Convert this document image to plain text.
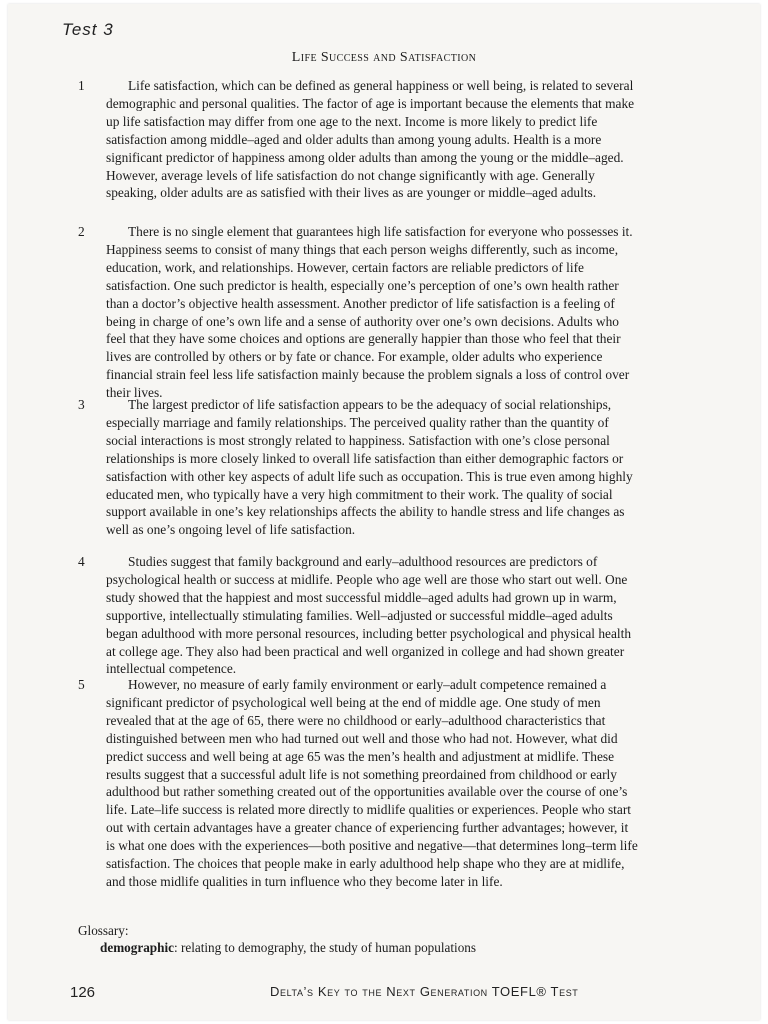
Test 3
Life Success and Satisfaction
1	Life satisfaction, which can be defined as general happiness or well being, is related to several demographic and personal qualities. The factor of age is important because the elements that make up life satisfaction may differ from one age to the next. Income is more likely to predict life satisfaction among middle–aged and older adults than among young adults. Health is a more significant predictor of happiness among older adults than among the young or the middle–aged. However, average levels of life satisfaction do not change significantly with age. Generally speaking, older adults are as satisfied with their lives as are younger or middle–aged adults.
2	There is no single element that guarantees high life satisfaction for everyone who possesses it. Happiness seems to consist of many things that each person weighs differently, such as income, education, work, and relationships. However, certain factors are reliable predictors of life satisfaction. One such predictor is health, especially one’s perception of one’s own health rather than a doctor’s objective health assessment. Another predictor of life satisfaction is a feeling of being in charge of one’s own life and a sense of authority over one’s own decisions. Adults who feel that they have some choices and options are generally happier than those who feel that their lives are controlled by others or by fate or chance. For example, older adults who experience financial strain feel less life satisfaction mainly because the problem signals a loss of control over their lives.
3	The largest predictor of life satisfaction appears to be the adequacy of social relationships, especially marriage and family relationships. The perceived quality rather than the quantity of social interactions is most strongly related to happiness. Satisfaction with one’s close personal relationships is more closely linked to overall life satisfaction than either demographic factors or satisfaction with other key aspects of adult life such as occupation. This is true even among highly educated men, who typically have a very high commitment to their work. The quality of social support available in one’s key relationships affects the ability to handle stress and life changes as well as one’s ongoing level of life satisfaction.
4	Studies suggest that family background and early–adulthood resources are predictors of psychological health or success at midlife. People who age well are those who start out well. One study showed that the happiest and most successful middle–aged adults had grown up in warm, supportive, intellectually stimulating families. Well–adjusted or successful middle–aged adults began adulthood with more personal resources, including better psychological and physical health at college age. They also had been practical and well organized in college and had shown greater intellectual competence.
5	However, no measure of early family environment or early–adult competence remained a significant predictor of psychological well being at the end of middle age. One study of men revealed that at the age of 65, there were no childhood or early–adulthood characteristics that distinguished between men who had turned out well and those who had not. However, what did predict success and well being at age 65 was the men’s health and adjustment at midlife. These results suggest that a successful adult life is not something preordained from childhood or early adulthood but rather something created out of the opportunities available over the course of one’s life. Late–life success is related more directly to midlife qualities or experiences. People who start out with certain advantages have a greater chance of experiencing further advantages; however, it is what one does with the experiences—both positive and negative—that determines long–term life satisfaction. The choices that people make in early adulthood help shape who they are at midlife, and those midlife qualities in turn influence who they become later in life.
Glossary:
demographic: relating to demography, the study of human populations
126	Delta’s Key to the Next Generation TOEFL® Test
